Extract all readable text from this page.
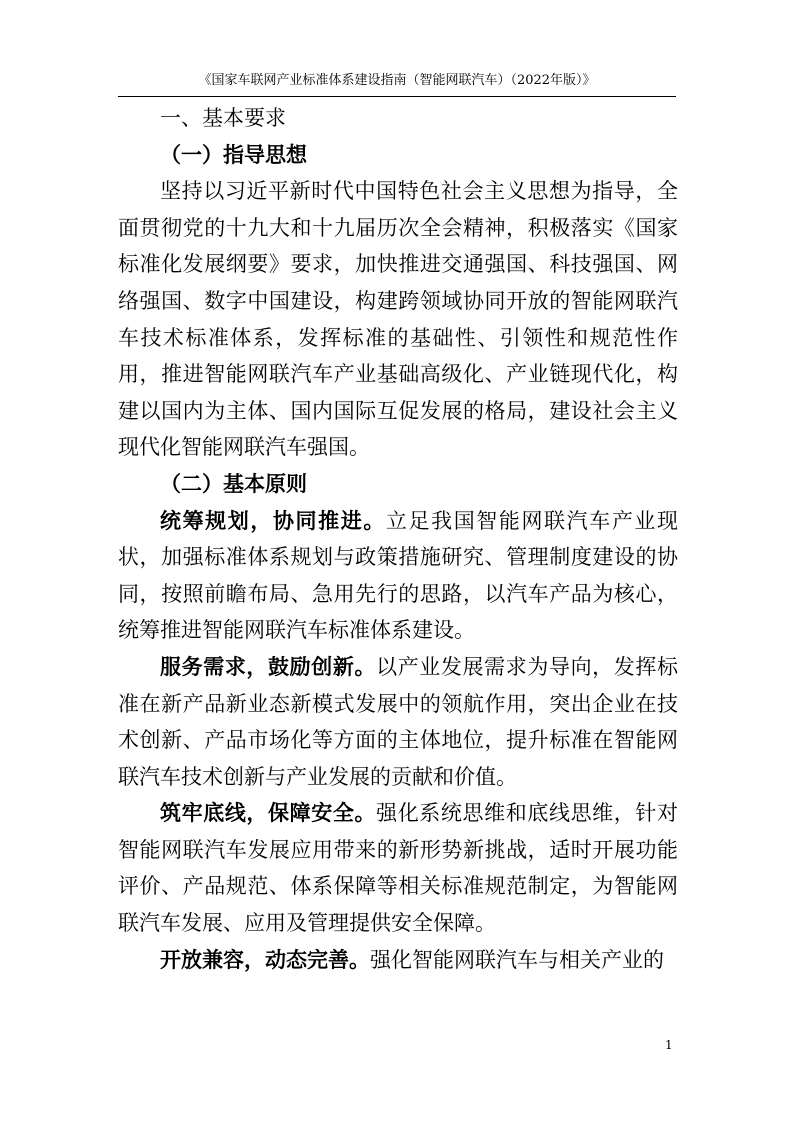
《国家车联网产业标准体系建设指南（智能网联汽车）（2022年版）》

一、基本要求

（一）指导思想

坚持以习近平新时代中国特色社会主义思想为指导，全面贯彻党的十九大和十九届历次全会精神，积极落实《国家标准化发展纲要》要求，加快推进交通强国、科技强国、网络强国、数字中国建设，构建跨领域协同开放的智能网联汽车技术标准体系，发挥标准的基础性、引领性和规范性作用，推进智能网联汽车产业基础高级化、产业链现代化，构建以国内为主体、国内国际互促发展的格局，建设社会主义现代化智能网联汽车强国。

（二）基本原则

统筹规划，协同推进。立足我国智能网联汽车产业现状，加强标准体系规划与政策措施研究、管理制度建设的协同，按照前瞻布局、急用先行的思路，以汽车产品为核心，统筹推进智能网联汽车标准体系建设。

服务需求，鼓励创新。以产业发展需求为导向，发挥标准在新产品新业态新模式发展中的领航作用，突出企业在技术创新、产品市场化等方面的主体地位，提升标准在智能网联汽车技术创新与产业发展的贡献和价值。

筑牢底线，保障安全。强化系统思维和底线思维，针对智能网联汽车发展应用带来的新形势新挑战，适时开展功能评价、产品规范、体系保障等相关标准规范制定，为智能网联汽车发展、应用及管理提供安全保障。

开放兼容，动态完善。强化智能网联汽车与相关产业的

1
